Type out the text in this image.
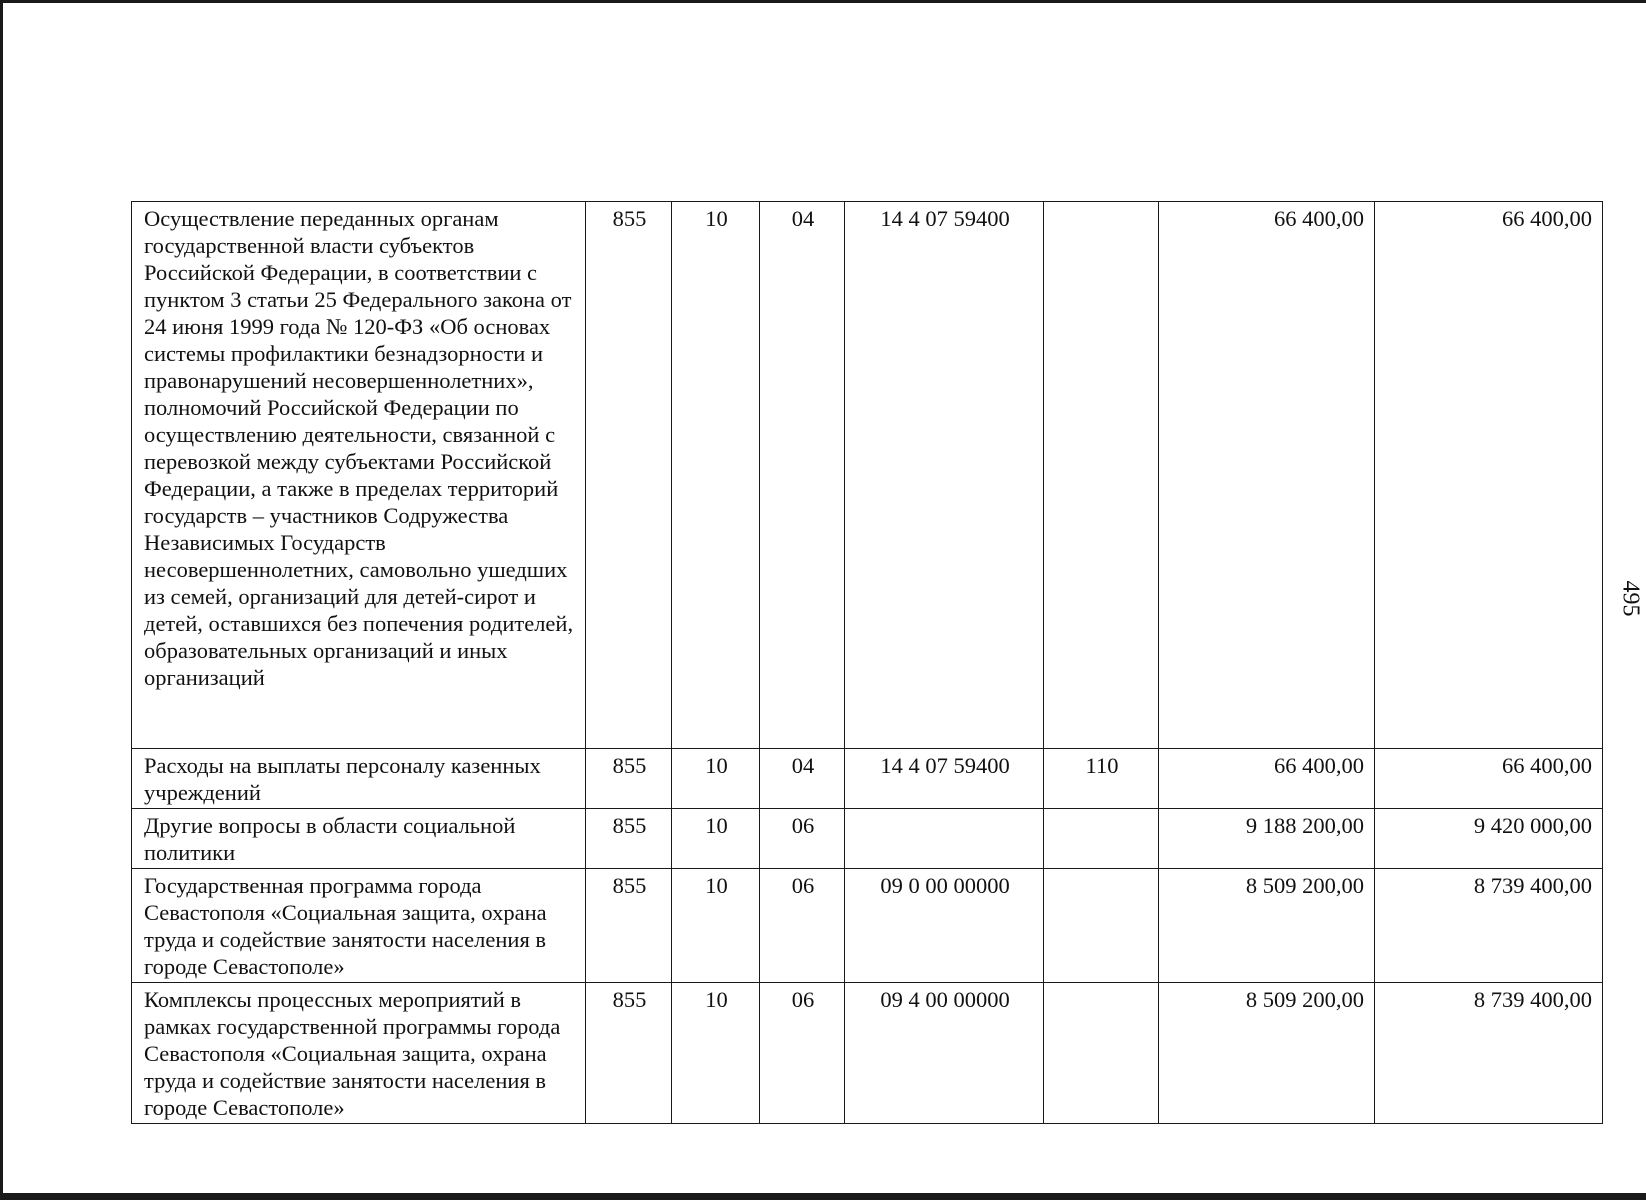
Осуществление переданных органам государственной власти субъектов Российской Федерации, в соответствии с пунктом 3 статьи 25 Федерального закона от 24 июня 1999 года № 120-ФЗ «Об основах системы профилактики безнадзорности и правонарушений несовершеннолетних», полномочий Российской Федерации по осуществлению деятельности, связанной с перевозкой между субъектами Российской Федерации, а также в пределах территорий государств – участников Содружества Независимых Государств несовершеннолетних, самовольно ушедших из семей, организаций для детей-сирот и детей, оставшихся без попечения родителей, образовательных организаций и иных организаций	855	10	04	14 4 07 59400		66 400,00	66 400,00
Расходы на выплаты персоналу казенных учреждений	855	10	04	14 4 07 59400	110	66 400,00	66 400,00
Другие вопросы в области социальной политики	855	10	06			9 188 200,00	9 420 000,00
Государственная программа города Севастополя «Социальная защита, охрана труда и содействие занятости населения в городе Севастополе»	855	10	06	09 0 00 00000		8 509 200,00	8 739 400,00
Комплексы процессных мероприятий в рамках государственной программы города Севастополя «Социальная защита, охрана труда и содействие занятости населения в городе Севастополе»	855	10	06	09 4 00 00000		8 509 200,00	8 739 400,00
495
